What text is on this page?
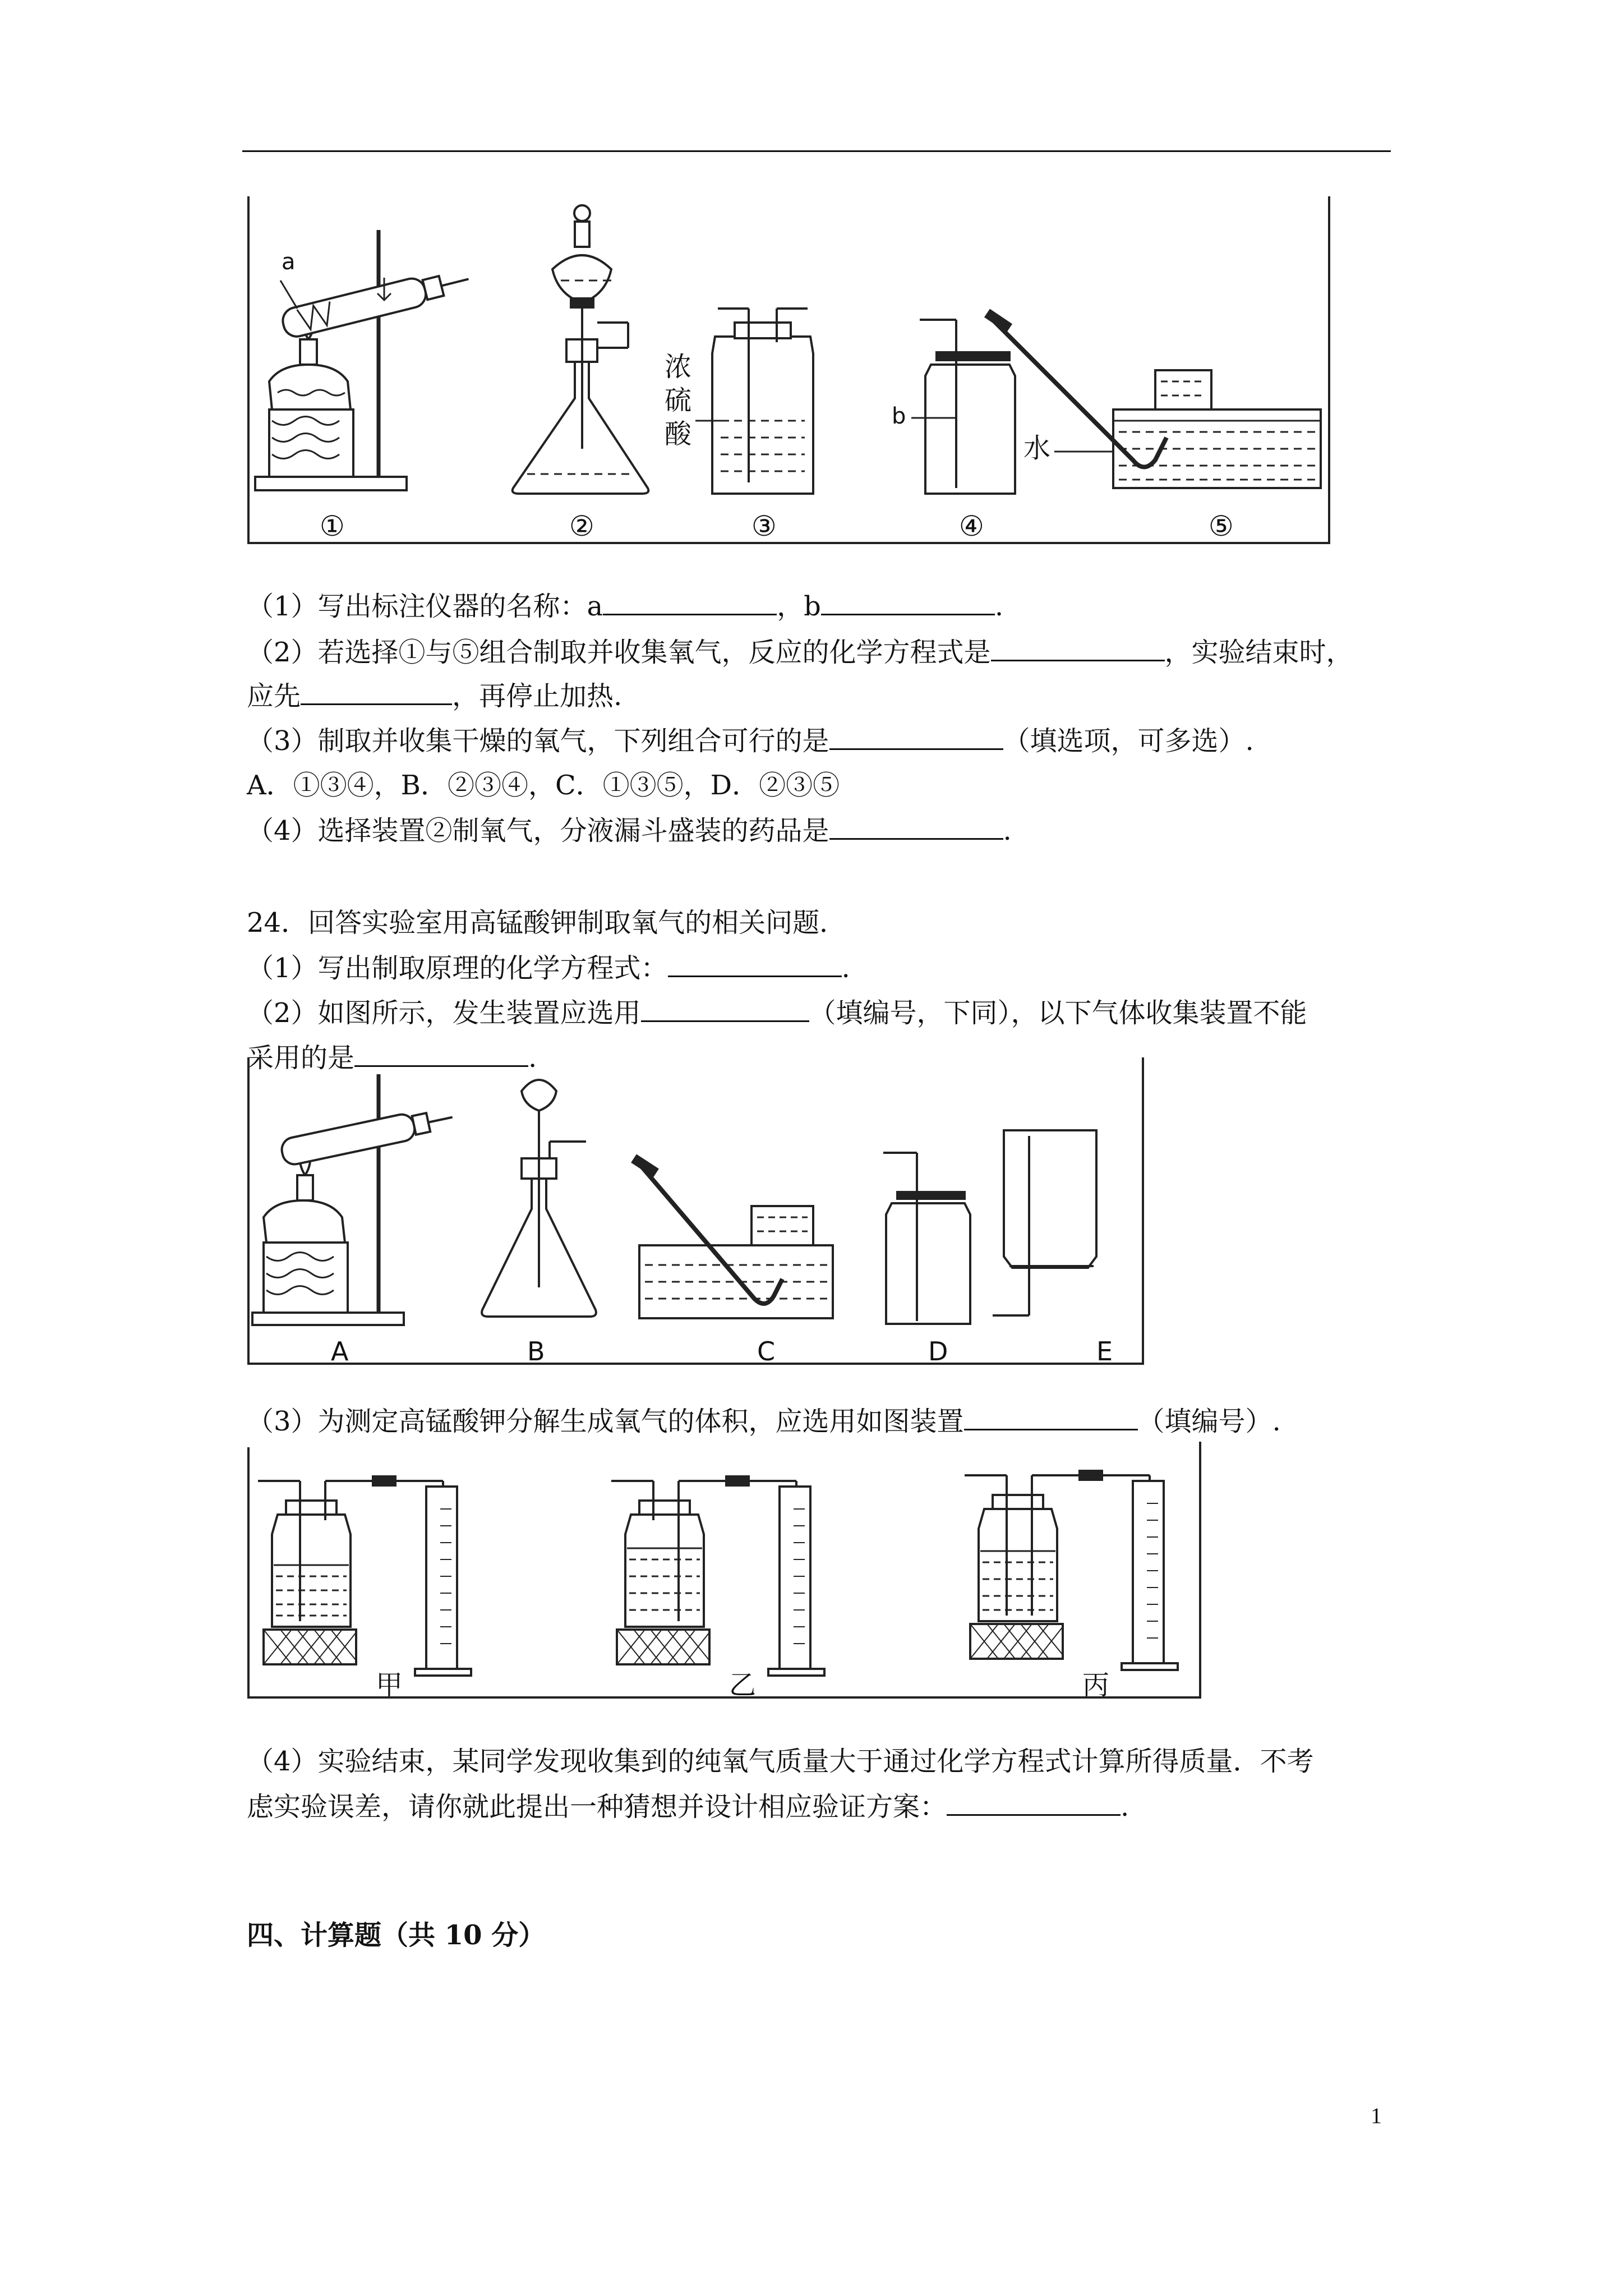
a
浓
硫
酸
b
水
①	②	③	④	⑤
（1）写出标注仪器的名称：a	，b	.
（2）若选择①与⑤组合制取并收集氧气，反应的化学方程式是	，实验结束时，
应先	，再停止加热.
（3）制取并收集干燥的氧气，下列组合可行的是	（填选项，可多选）.
A．①③④，B．②③④，C．①③⑤，D．②③⑤
（4）选择装置②制氧气，分液漏斗盛装的药品是	.
24．回答实验室用高锰酸钾制取氧气的相关问题．
（1）写出制取原理的化学方程式：	.
（2）如图所示，发生装置应选用	（填编号，下同），以下气体收集装置不能
采用的是	.
A	B	C	D	E
（3）为测定高锰酸钾分解生成氧气的体积，应选用如图装置	（填编号）.
甲	乙	丙
（4）实验结束，某同学发现收集到的纯氧气质量大于通过化学方程式计算所得质量．不考
虑实验误差，请你就此提出一种猜想并设计相应验证方案：	.
四、计算题（共 10 分）
1
